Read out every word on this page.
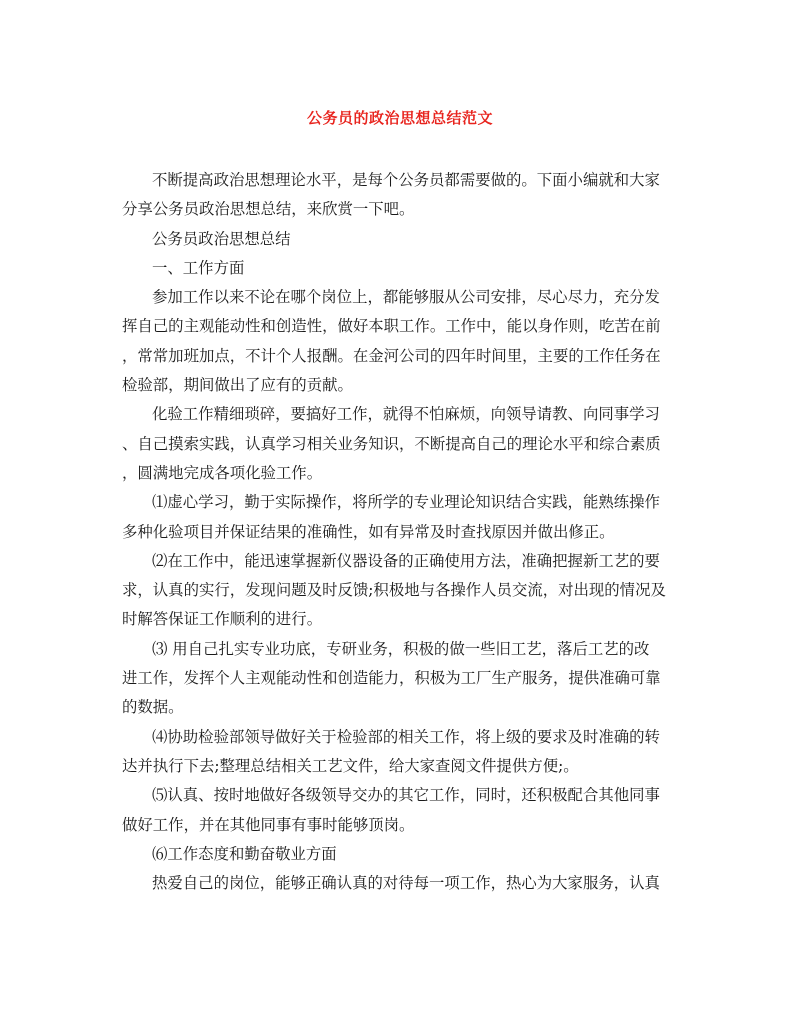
公务员的政治思想总结范文
不断提高政治思想理论水平，是每个公务员都需要做的。下面小编就和大家
分享公务员政治思想总结，来欣赏一下吧。
公务员政治思想总结
一、工作方面
参加工作以来不论在哪个岗位上，都能够服从公司安排，尽心尽力，充分发
挥自己的主观能动性和创造性，做好本职工作。工作中，能以身作则，吃苦在前
，常常加班加点，不计个人报酬。在金河公司的四年时间里，主要的工作任务在
检验部，期间做出了应有的贡献。
化验工作精细琐碎，要搞好工作，就得不怕麻烦，向领导请教、向同事学习
、自己摸索实践，认真学习相关业务知识，不断提高自己的理论水平和综合素质
，圆满地完成各项化验工作。
⑴虚心学习，勤于实际操作，将所学的专业理论知识结合实践，能熟练操作
多种化验项目并保证结果的准确性，如有异常及时查找原因并做出修正。
⑵在工作中，能迅速掌握新仪器设备的正确使用方法，准确把握新工艺的要
求，认真的实行，发现问题及时反馈;积极地与各操作人员交流，对出现的情况及
时解答保证工作顺利的进行。
⑶ 用自己扎实专业功底，专研业务，积极的做一些旧工艺，落后工艺的改
进工作，发挥个人主观能动性和创造能力，积极为工厂生产服务，提供准确可靠
的数据。
⑷协助检验部领导做好关于检验部的相关工作，将上级的要求及时准确的转
达并执行下去;整理总结相关工艺文件，给大家查阅文件提供方便;。
⑸认真、按时地做好各级领导交办的其它工作，同时，还积极配合其他同事
做好工作，并在其他同事有事时能够顶岗。
⑹工作态度和勤奋敬业方面
热爱自己的岗位，能够正确认真的对待每一项工作，热心为大家服务，认真
